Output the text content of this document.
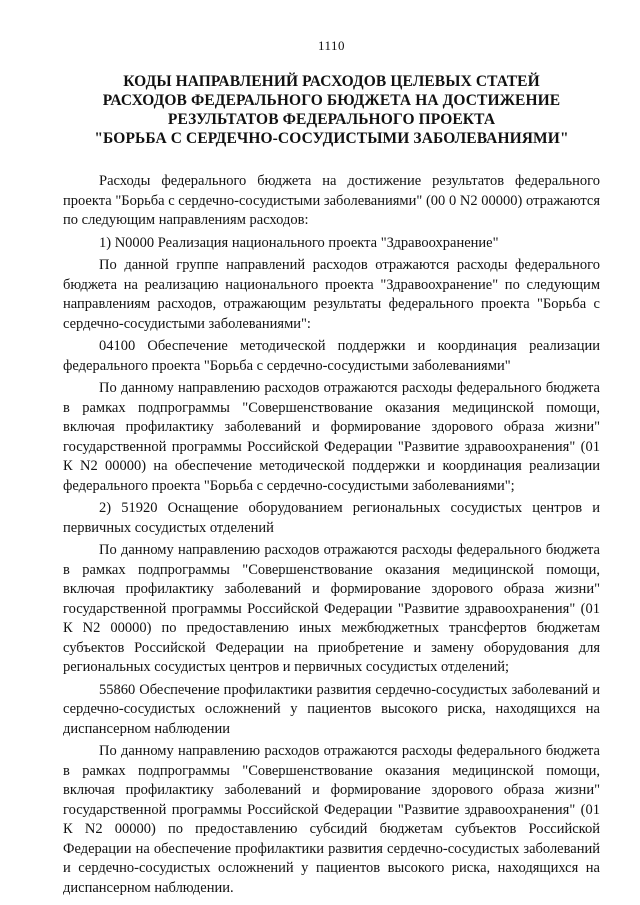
1110
КОДЫ НАПРАВЛЕНИЙ РАСХОДОВ ЦЕЛЕВЫХ СТАТЕЙ
РАСХОДОВ ФЕДЕРАЛЬНОГО БЮДЖЕТА НА ДОСТИЖЕНИЕ
РЕЗУЛЬТАТОВ ФЕДЕРАЛЬНОГО ПРОЕКТА
"БОРЬБА С СЕРДЕЧНО-СОСУДИСТЫМИ ЗАБОЛЕВАНИЯМИ"

Расходы федерального бюджета на достижение результатов федерального проекта "Борьба с сердечно-сосудистыми заболеваниями" (00 0 N2 00000) отражаются по следующим направлениям расходов:

1) N0000 Реализация национального проекта "Здравоохранение"

По данной группе направлений расходов отражаются расходы федерального бюджета на реализацию национального проекта "Здравоохранение" по следующим направлениям расходов, отражающим результаты федерального проекта "Борьба с сердечно-сосудистыми заболеваниями":

04100 Обеспечение методической поддержки и координация реализации федерального проекта "Борьба с сердечно-сосудистыми заболеваниями"

По данному направлению расходов отражаются расходы федерального бюджета в рамках подпрограммы "Совершенствование оказания медицинской помощи, включая профилактику заболеваний и формирование здорового образа жизни" государственной программы Российской Федерации "Развитие здравоохранения" (01 К N2 00000) на обеспечение методической поддержки и координация реализации федерального проекта "Борьба с сердечно-сосудистыми заболеваниями";

2) 51920 Оснащение оборудованием региональных сосудистых центров и первичных сосудистых отделений

По данному направлению расходов отражаются расходы федерального бюджета в рамках подпрограммы "Совершенствование оказания медицинской помощи, включая профилактику заболеваний и формирование здорового образа жизни" государственной программы Российской Федерации "Развитие здравоохранения" (01 К N2 00000) по предоставлению иных межбюджетных трансфертов бюджетам субъектов Российской Федерации на приобретение и замену оборудования для региональных сосудистых центров и первичных сосудистых отделений;

55860 Обеспечение профилактики развития сердечно-сосудистых заболеваний и сердечно-сосудистых осложнений у пациентов высокого риска, находящихся на диспансерном наблюдении

По данному направлению расходов отражаются расходы федерального бюджета в рамках подпрограммы "Совершенствование оказания медицинской помощи, включая профилактику заболеваний и формирование здорового образа жизни" государственной программы Российской Федерации "Развитие здравоохранения" (01 К N2 00000) по предоставлению субсидий бюджетам субъектов Российской Федерации на обеспечение профилактики развития сердечно-сосудистых заболеваний и сердечно-сосудистых осложнений у пациентов высокого риска, находящихся на диспансерном наблюдении.
